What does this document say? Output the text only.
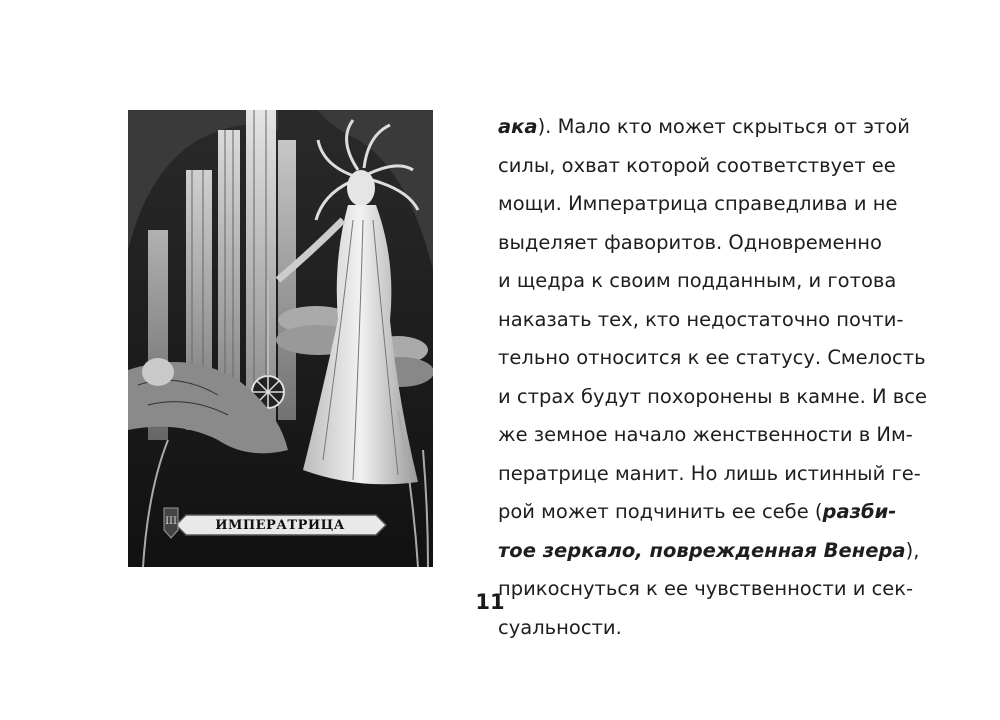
III	ИМПЕРАТРИЦА
ака). Мало кто может скрыться от этой
силы, охват которой соответствует ее
мощи. Императрица справедлива и не
выделяет фаворитов. Одновременно
и щедра к своим подданным, и готова
наказать тех, кто недостаточно почти-
тельно относится к ее статусу. Смелость
и страх будут похоронены в камне. И все
же земное начало женственности в Им-
ператрице манит. Но лишь истинный ге-
рой может подчинить ее себе (разби-
тое зеркало, поврежденная Венера),
прикоснуться к ее чувственности и сек-
суальности.
11
